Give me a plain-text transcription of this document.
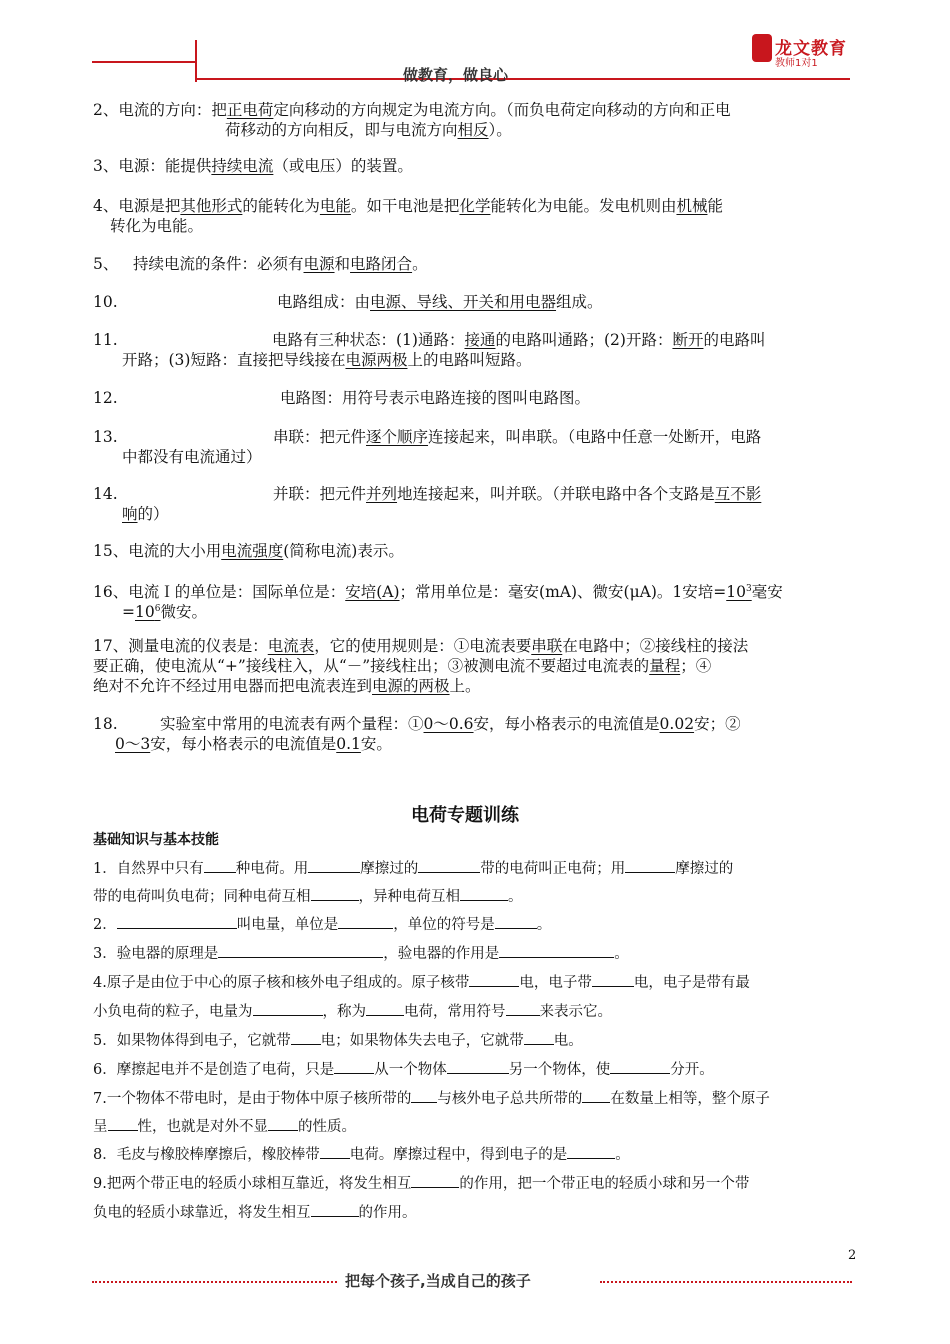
龙文教育
教师1对1
做教育，做良心
2、电流的方向：把正电荷定向移动的方向规定为电流方向。（而负电荷定向移动的方向和正电
荷移动的方向相反，即与电流方向相反）。
3、电源：能提供持续电流（或电压）的装置。
4、电源是把其他形式的能转化为电能。如干电池是把化学能转化为电能。发电机则由机械能
转化为电能。
5、 持续电流的条件：必须有电源和电路闭合。
10.	电路组成：由电源、导线、开关和用电器组成。
11.	电路有三种状态：(1)通路：接通的电路叫通路；(2)开路：断开的电路叫
开路；(3)短路：直接把导线接在电源两极上的电路叫短路。
12.	电路图：用符号表示电路连接的图叫电路图。
13.	串联：把元件逐个顺序连接起来，叫串联。（电路中任意一处断开，电路
中都没有电流通过）
14.	并联：把元件并列地连接起来，叫并联。（并联电路中各个支路是互不影
响的）
15、电流的大小用电流强度(简称电流)表示。
16、电流Ｉ的单位是：国际单位是：安培(A)；常用单位是：毫安(mA)、微安(μA)。1安培$=10^3$毫安
$=10^6$微安。
17、测量电流的仪表是：电流表，它的使用规则是：①电流表要串联在电路中；②接线柱的接法
要正确，使电流从“+”接线柱入，从“－”接线柱出；③被测电流不要超过电流表的量程；④
绝对不允许不经过用电器而把电流表连到电源的两极上。
18.	实验室中常用的电流表有两个量程：①0～0.6安，每小格表示的电流值是0.02安；②
0～3安，每小格表示的电流值是0.1安。
电荷专题训练
基础知识与基本技能
1．自然界中只有 种电荷。用	摩擦过的	带的电荷叫正电荷；用	摩擦过的
带的电荷叫负电荷；同种电荷互相	，异种电荷互相	。
2．	叫电量，单位是	，单位的符号是	。
3．验电器的原理是	，验电器的作用是	。
4.原子是由位于中心的原子核和核外电子组成的。原子核带	电，电子带	电，电子是带有最
小负电荷的粒子，电量为	，称为	电荷，常用符号 来表示它。
5．如果物体得到电子，它就带 电；如果物体失去电子，它就带 电。
6．摩擦起电并不是创造了电荷，只是	从一个物体	另一个物体，使	分开。
7.一个物体不带电时，是由于物体中原子核所带的 与核外电子总共所带的 在数量上相等，整个原子
呈 性，也就是对外不显 的性质。
8．毛皮与橡胶棒摩擦后，橡胶棒带 电荷。摩擦过程中，得到电子的是	。
9.把两个带正电的轻质小球相互靠近，将发生相互	的作用，把一个带正电的轻质小球和另一个带
负电的轻质小球靠近，将发生相互	的作用。
2
把每个孩子,当成自己的孩子
